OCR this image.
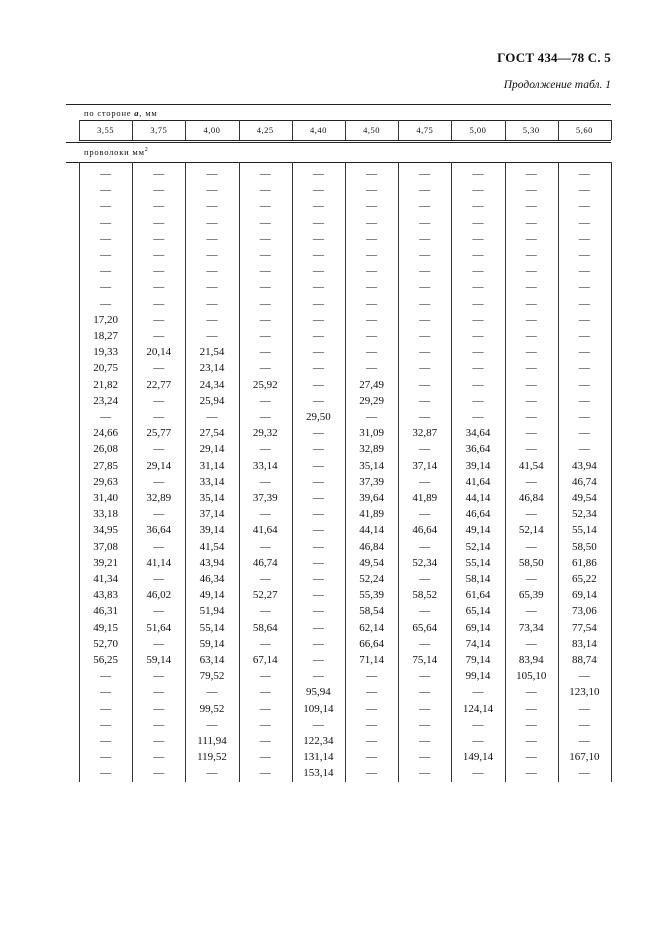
ГОСТ 434—78 С. 5
Продолжение табл. 1
по стороне a, мм
проволоки $мм^2$
3,55	3,75	4,00	4,25	4,40	4,50	4,75	5,00	5,30	5,60
—	—	—	—	—	—	—	—	—	—
—	—	—	—	—	—	—	—	—	—
—	—	—	—	—	—	—	—	—	—
—	—	—	—	—	—	—	—	—	—
—	—	—	—	—	—	—	—	—	—
—	—	—	—	—	—	—	—	—	—
—	—	—	—	—	—	—	—	—	—
—	—	—	—	—	—	—	—	—	—
—	—	—	—	—	—	—	—	—	—
17,20	—	—	—	—	—	—	—	—	—
18,27	—	—	—	—	—	—	—	—	—
19,33	20,14	21,54	—	—	—	—	—	—	—
20,75	—	23,14	—	—	—	—	—	—	—
21,82	22,77	24,34	25,92	—	27,49	—	—	—	—
23,24	—	25,94	—	—	29,29	—	—	—	—
—	—	—	—	29,50	—	—	—	—	—
24,66	25,77	27,54	29,32	—	31,09	32,87	34,64	—	—
26,08	—	29,14	—	—	32,89	—	36,64	—	—
27,85	29,14	31,14	33,14	—	35,14	37,14	39,14	41,54	43,94
29,63	—	33,14	—	—	37,39	—	41,64	—	46,74
31,40	32,89	35,14	37,39	—	39,64	41,89	44,14	46,84	49,54
33,18	—	37,14	—	—	41,89	—	46,64	—	52,34
34,95	36,64	39,14	41,64	—	44,14	46,64	49,14	52,14	55,14
37,08	—	41,54	—	—	46,84	—	52,14	—	58,50
39,21	41,14	43,94	46,74	—	49,54	52,34	55,14	58,50	61,86
41,34	—	46,34	—	—	52,24	—	58,14	—	65,22
43,83	46,02	49,14	52,27	—	55,39	58,52	61,64	65,39	69,14
46,31	—	51,94	—	—	58,54	—	65,14	—	73,06
49,15	51,64	55,14	58,64	—	62,14	65,64	69,14	73,34	77,54
52,70	—	59,14	—	—	66,64	—	74,14	—	83,14
56,25	59,14	63,14	67,14	—	71,14	75,14	79,14	83,94	88,74
—	—	79,52	—	—	—	—	99,14	105,10	—
—	—	—	—	95,94	—	—	—	—	123,10
—	—	99,52	—	109,14	—	—	124,14	—	—
—	—	—	—	—	—	—	—	—	—
—	—	111,94	—	122,34	—	—	—	—	—
—	—	119,52	—	131,14	—	—	149,14	—	167,10
—	—	—	—	153,14	—	—	—	—	—
